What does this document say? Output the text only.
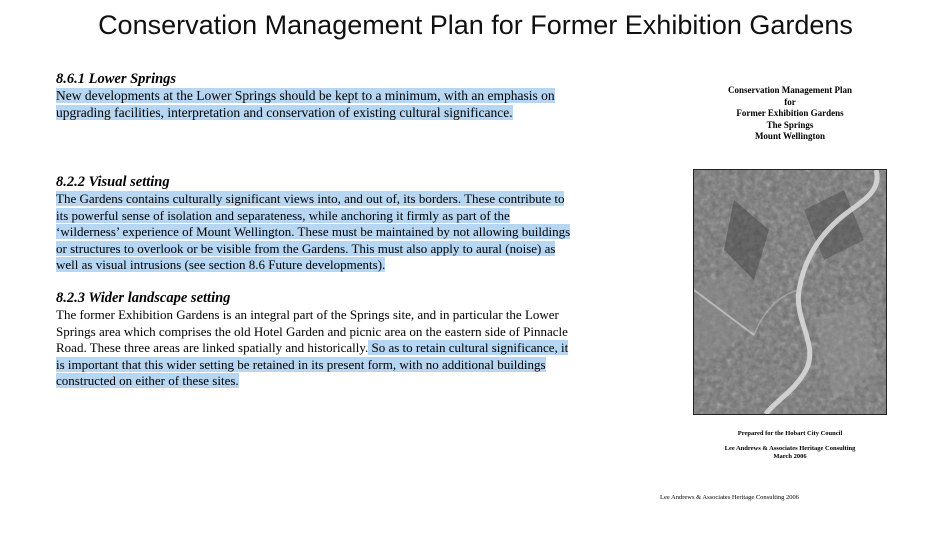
Conservation Management Plan for Former Exhibition Gardens
8.6.1 Lower Springs

New developments at the Lower Springs should be kept to a minimum, with an emphasis on
upgrading facilities, interpretation and conservation of existing cultural significance.

8.2.2 Visual setting

The Gardens contains culturally significant views into, and out of, its borders. These contribute to
its powerful sense of isolation and separateness, while anchoring it firmly as part of the
‘wilderness’ experience of Mount Wellington. These must be maintained by not allowing buildings
or structures to overlook or be visible from the Gardens. This must also apply to aural (noise) as
well as visual intrusions (see section 8.6 Future developments).

8.2.3 Wider landscape setting

The former Exhibition Gardens is an integral part of the Springs site, and in particular the Lower
Springs area which comprises the old Hotel Garden and picnic area on the eastern side of Pinnacle
Road. These three areas are linked spatially and historically. So as to retain cultural significance, it
is important that this wider setting be retained in its present form, with no additional buildings
constructed on either of these sites.

Conservation Management Plan
for
Former Exhibition Gardens
The Springs
Mount Wellington
Prepared for the Hobart City Council
Lee Andrews & Associates Heritage Consulting
March 2006
Lee Andrews & Associates Heritage Consulting 2006
